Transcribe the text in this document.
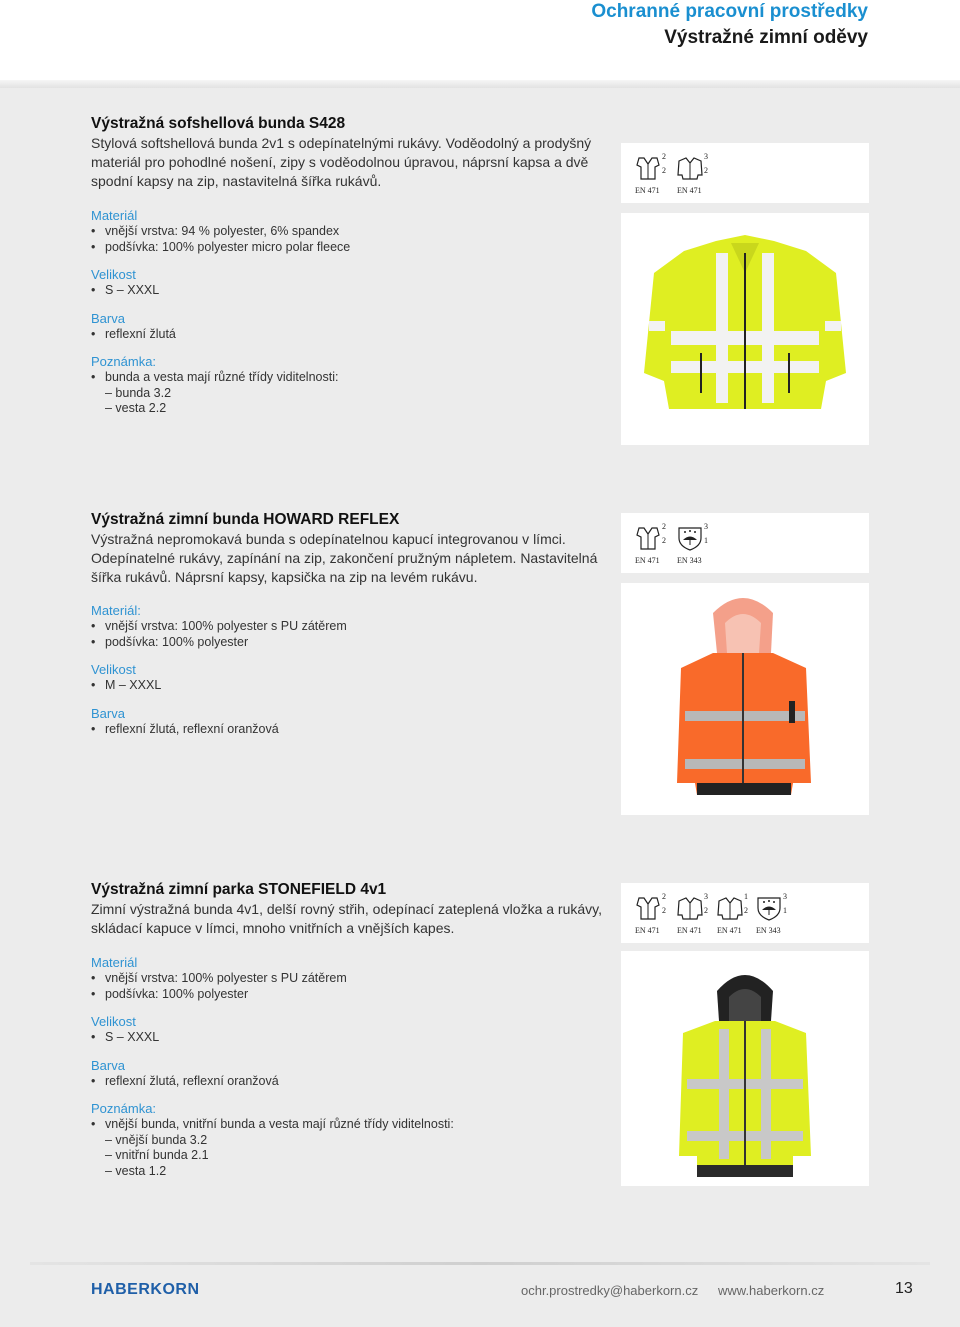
Ochranné pracovní prostředky
Výstražné zimní oděvy
Výstražná sofshellová bunda S428
Stylová softshellová bunda 2v1 s odepínatelnými rukávy. Voděodolný a prodyšný materiál pro pohodlné nošení, zipy s voděodolnou úpravou, náprsní kapsa a dvě spodní kapsy na zip, nastavitelná šířka rukávů.
Materiál
• vnější vrstva: 94 % polyester, 6% spandex
• podšívka: 100% polyester micro polar fleece
Velikost
• S – XXXL
Barva
• reflexní žlutá
Poznámka:
• bunda a vesta mají různé třídy viditelnosti:
– bunda 3.2
– vesta 2.2
2
2
EN 471
3
2
EN 471
Výstražná zimní bunda HOWARD REFLEX
Výstražná nepromokavá bunda s odepínatelnou kapucí integrovanou v límci. Odepínatelné rukávy, zapínání na zip, zakončení pružným nápletem. Nastavitelná šířka rukávů. Náprsní kapsy, kapsička na zip na levém rukávu.
Materiál:
• vnější vrstva: 100% polyester s PU zátěrem
• podšívka: 100% polyester
Velikost
• M – XXXL
Barva
• reflexní žlutá, reflexní oranžová
2
2
EN 471
3
1
EN 343
Výstražná zimní parka STONEFIELD 4v1
Zimní výstražná bunda 4v1, delší rovný střih, odepínací zateplená vložka a rukávy, skládací kapuce v límci, mnoho vnitřních a vnějších kapes.
Materiál
• vnější vrstva: 100% polyester s PU zátěrem
• podšívka: 100% polyester
Velikost
• S – XXXL
Barva
• reflexní žlutá, reflexní oranžová
Poznámka:
• vnější bunda, vnitřní bunda a vesta mají různé třídy viditelnosti:
– vnější bunda 3.2
– vnitřní bunda 2.1
– vesta 1.2
2
2
EN 471
3
2
EN 471
1
2
EN 471
3
1
EN 343
HABERKORN	ochr.prostredky@haberkorn.cz www.haberkorn.cz	13
